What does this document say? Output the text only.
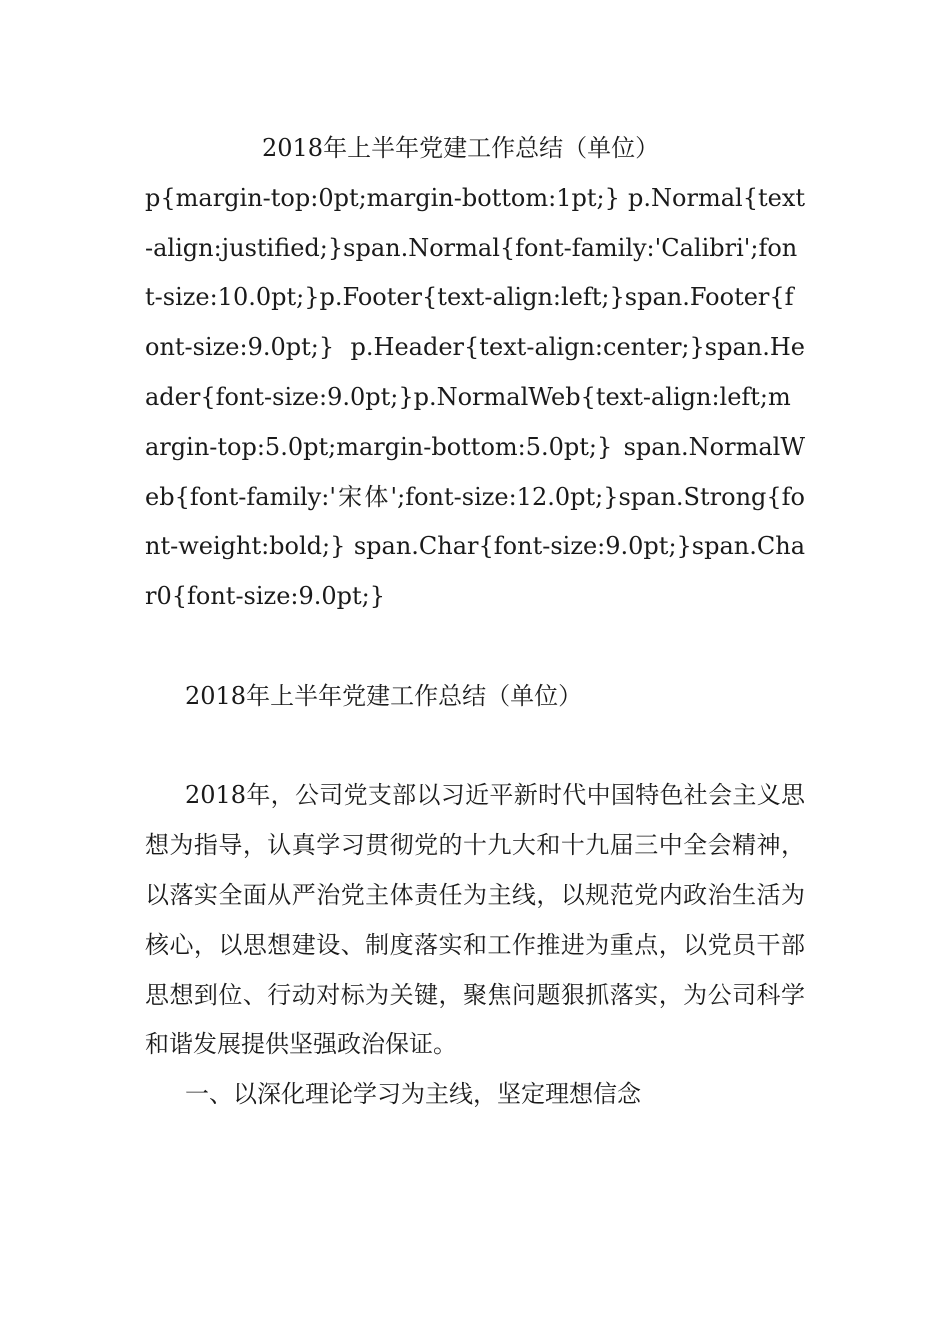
2018年上半年党建工作总结（单位）

p{margin-top:0pt;margin-bottom:1pt;} p.Normal{text-align:justified;}span.Normal{font-family:'Calibri';font-size:10.0pt;}p.Footer{text-align:left;}span.Footer{font-size:9.0pt;} p.Header{text-align:center;}span.Header{font-size:9.0pt;}p.NormalWeb{text-align:left;margin-top:5.0pt;margin-bottom:5.0pt;} span.NormalWeb{font-family:'宋体';font-size:12.0pt;}span.Strong{font-weight:bold;} span.Char{font-size:9.0pt;}span.Char0{font-size:9.0pt;}

2018年上半年党建工作总结（单位）

2018年，公司党支部以习近平新时代中国特色社会主义思想为指导，认真学习贯彻党的十九大和十九届三中全会精神，以落实全面从严治党主体责任为主线，以规范党内政治生活为核心，以思想建设、制度落实和工作推进为重点，以党员干部思想到位、行动对标为关键，聚焦问题狠抓落实，为公司科学和谐发展提供坚强政治保证。

一、以深化理论学习为主线，坚定理想信念
